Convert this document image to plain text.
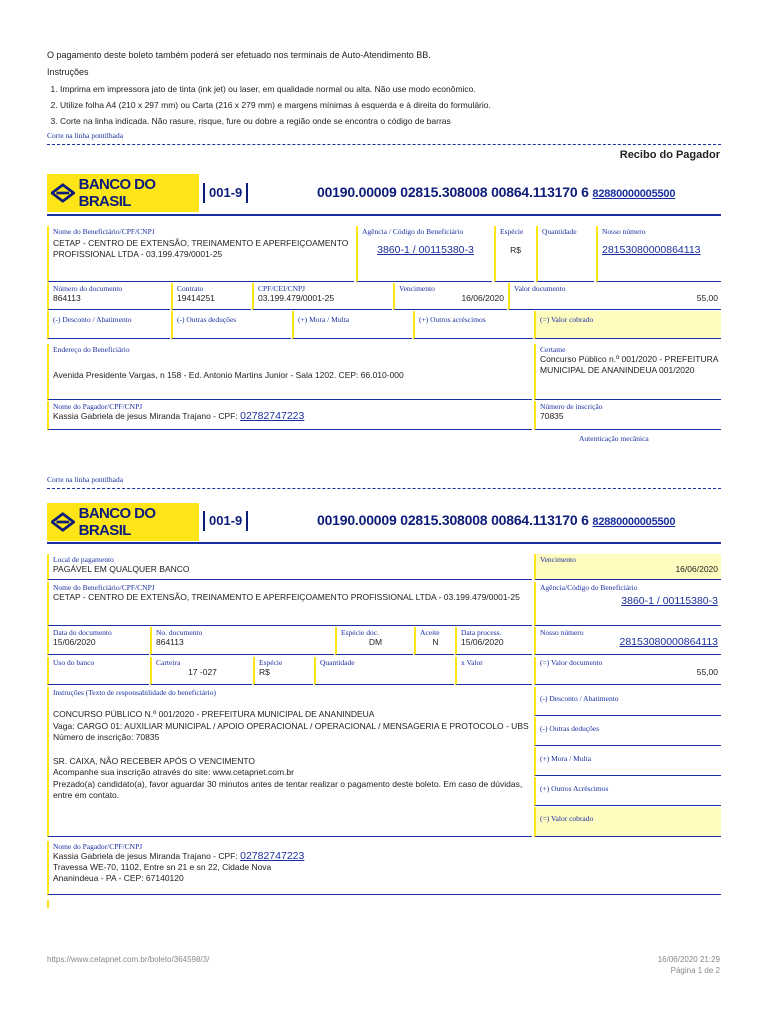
O pagamento deste boleto também poderá ser efetuado nos terminais de Auto-Atendimento BB.
Instruções
1. Imprima em impressora jato de tinta (ink jet) ou laser, em qualidade normal ou alta. Não use modo econômico.
2. Utilize folha A4 (210 x 297 mm) ou Carta (216 x 279 mm) e margens mínimas à esquerda e à direita do formulário.
3. Corte na linha indicada. Não rasure, risque, fure ou dobre a região onde se encontra o código de barras
Corte na linha pontilhada
Recibo do Pagador
BANCO DO BRASIL
001-9	00190.00009 02815.308008 00864.113170 6 82880000005500
Nome do Beneficiário/CPF/CNPJ
CETAP - CENTRO DE EXTENSÃO, TREINAMENTO E APERFEIÇOAMENTO PROFISSIONAL LTDA - 03.199.479/0001-25
Agência / Código do Beneficiário
3860-1 / 00115380-3
Espécie
R$
Quantidade	Nosso número
28153080000864113
Número do documento
864113
Contrato
19414251
CPF/CEI/CNPJ
03.199.479/0001-25
Vencimento
16/06/2020
Valor documento
55,00
(-) Desconto / Abatimento	(-) Outras deduções	(+) Mora / Multa	(+) Outros acréscimos	(=) Valor cobrado
Endereço do Beneficiário
Avenida Presidente Vargas, n 158 - Ed. Antonio Martins Junior - Sala 1202. CEP: 66.010-000
Certame
Concurso Público n.º 001/2020 - PREFEITURA MUNICIPAL DE ANANINDEUA 001/2020
Nome do Pagador/CPF/CNPJ
Kassia Gabriela de jesus Miranda Trajano - CPF: 02782747223
Número de inscrição
70835
Autenticação mecânica
Corte na linha pontilhada
BANCO DO BRASIL
001-9	00190.00009 02815.308008 00864.113170 6 82880000005500
Local de pagamento
PAGÁVEL EM QUALQUER BANCO
Vencimento
16/06/2020
Nome do Beneficiário/CPF/CNPJ
CETAP - CENTRO DE EXTENSÃO, TREINAMENTO E APERFEIÇOAMENTO PROFISSIONAL LTDA - 03.199.479/0001-25
Agência/Código do Beneficiário
3860-1 / 00115380-3
Data do documento
15/06/2020
No. documento
864113
Espécie doc.
DM
Aceite
N
Data process.
15/06/2020
Nosso número
28153080000864113
Uso do banco	Carteira
17 -027
Espécie
R$
Quantidade	x Valor	(=) Valor documento
55,00
Instruções (Texto de responsabilidade do beneficiário)
CONCURSO PÚBLICO N.º 001/2020 - PREFEITURA MUNICIPAL DE ANANINDEUA
Vaga: CARGO 01: AUXILIAR MUNICIPAL / APOIO OPERACIONAL / OPERACIONAL / MENSAGERIA E PROTOCOLO - UBS
Número de inscrição: 70835
SR. CAIXA, NÃO RECEBER APÓS O VENCIMENTO
Acompanhe sua inscrição através do site: www.cetapnet.com.br
Prezado(a) candidato(a), favor aguardar 30 minutos antes de tentar realizar o pagamento deste boleto. Em caso de dúvidas, entre em contato.
(-) Desconto / Abatimento
(-) Outras deduções
(+) Mora / Multa
(+) Outros Acréscimos
(=) Valor cobrado
Nome do Pagador/CPF/CNPJ
Kassia Gabriela de jesus Miranda Trajano - CPF: 02782747223
Travessa WE-70, 1102, Entre sn 21 e sn 22, Cidade Nova
Ananindeua - PA - CEP: 67140120
https://www.cetapnet.com.br/boleto/364598/3/	16/06/2020 21:29
Página 1 de 2
